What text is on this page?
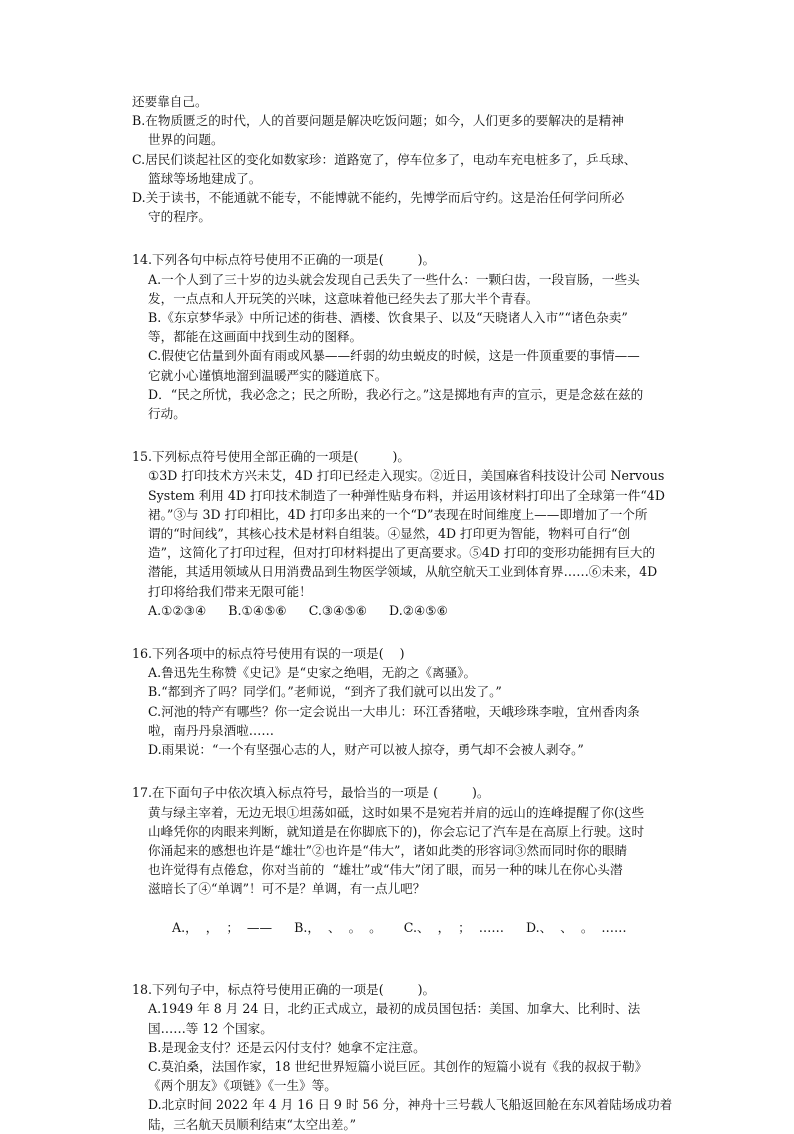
还要靠自己。
B.在物质匮乏的时代，人的首要问题是解决吃饭问题；如今，人们更多的要解决的是精神
世界的问题。
C.居民们谈起社区的变化如数家珍：道路宽了，停车位多了，电动车充电桩多了，乒乓球、
篮球等场地建成了。
D.关于读书，不能通就不能专，不能博就不能约，先博学而后守约。这是治任何学问所必
守的程序。
14.下列各句中标点符号使用不正确的一项是(	)。
A.一个人到了三十岁的边头就会发现自己丢失了一些什么：一颗臼齿，一段盲肠，一些头
发，一点点和人开玩笑的兴味，这意味着他已经失去了那大半个青春。
B.《东京梦华录》中所记述的街巷、酒楼、饮食果子、以及“天晓诸人入市”“诸色杂卖”
等，都能在这画面中找到生动的图释。
C.假使它估量到外面有雨或风暴——纤弱的幼虫蜕皮的时候，这是一件顶重要的事情——
它就小心谨慎地溜到温暖严实的隧道底下。
D．“民之所忧，我必念之；民之所盼，我必行之。”这是掷地有声的宣示，更是念兹在兹的
行动。
15.下列标点符号使用全部正确的一项是(	)。
①3D 打印技术方兴未艾，4D 打印已经走入现实。②近日，美国麻省科技设计公司 Nervous
System 利用 4D 打印技术制造了一种弹性贴身布料，并运用该材料打印出了全球第一件“4D
裙。”③与 3D 打印相比，4D 打印多出来的一个“D”表现在时间维度上——即增加了一个所
谓的“时间线”，其核心技术是材料自组装。④显然，4D 打印更为智能，物料可自行“创
造”，这简化了打印过程，但对打印材料提出了更高要求。⑤4D 打印的变形功能拥有巨大的
潜能，其适用领域从日用消费品到生物医学领域，从航空航天工业到体育界……⑥未来，4D
打印将给我们带来无限可能！
A.①②③④ B.①④⑤⑥ C.③④⑤⑥ D.②④⑤⑥
16.下列各项中的标点符号使用有误的一项是(    )
A.鲁迅先生称赞《史记》是“史家之绝唱，无韵之《离骚》。
B.“都到齐了吗？同学们。”老师说，“到齐了我们就可以出发了。”
C.河池的特产有哪些？你一定会说出一大串儿：环江香猪啦，天峨珍珠李啦，宜州香肉条
啦，南丹丹泉酒啦……
D.雨果说：“一个有坚强心志的人，财产可以被人掠夺，勇气却不会被人剥夺。”
17.在下面句子中依次填入标点符号，最恰当的一项是 (	)。
黄与绿主宰着，无边无垠①坦荡如砥，这时如果不是宛若并肩的远山的连峰提醒了你(这些
山峰凭你的肉眼来判断，就知道是在你脚底下的)，你会忘记了汽车是在高原上行驶。这时
你涌起来的感想也许是“雄壮”②也许是“伟大”，诸如此类的形容词③然而同时你的眼睛
也许觉得有点倦怠，你对当前的  “雄壮”或“伟大”闭了眼，而另一种的味儿在你心头潜
滋暗长了④“单调”！可不是？单调，有一点儿吧？

A.，  ，  ；  —— B.，  、  。  。 C.、  ，  ；  …… D.、  、  。  ……

18.下列句子中，标点符号使用正确的一项是(	)。
A.1949 年 8 月 24 日，北约正式成立，最初的成员国包括：美国、加拿大、比利时、法
国……等 12 个国家。
B.是现金支付？还是云闪付支付？她拿不定注意。
C.莫泊桑，法国作家，18 世纪世界短篇小说巨匠。其创作的短篇小说有《我的叔叔于勒》
《两个朋友》《项链》《一生》等。
D.北京时间 2022 年 4 月 16 日 9 时 56 分，神舟十三号载人飞船返回舱在东风着陆场成功着
陆，三名航天员顺利结束“太空出差。”
